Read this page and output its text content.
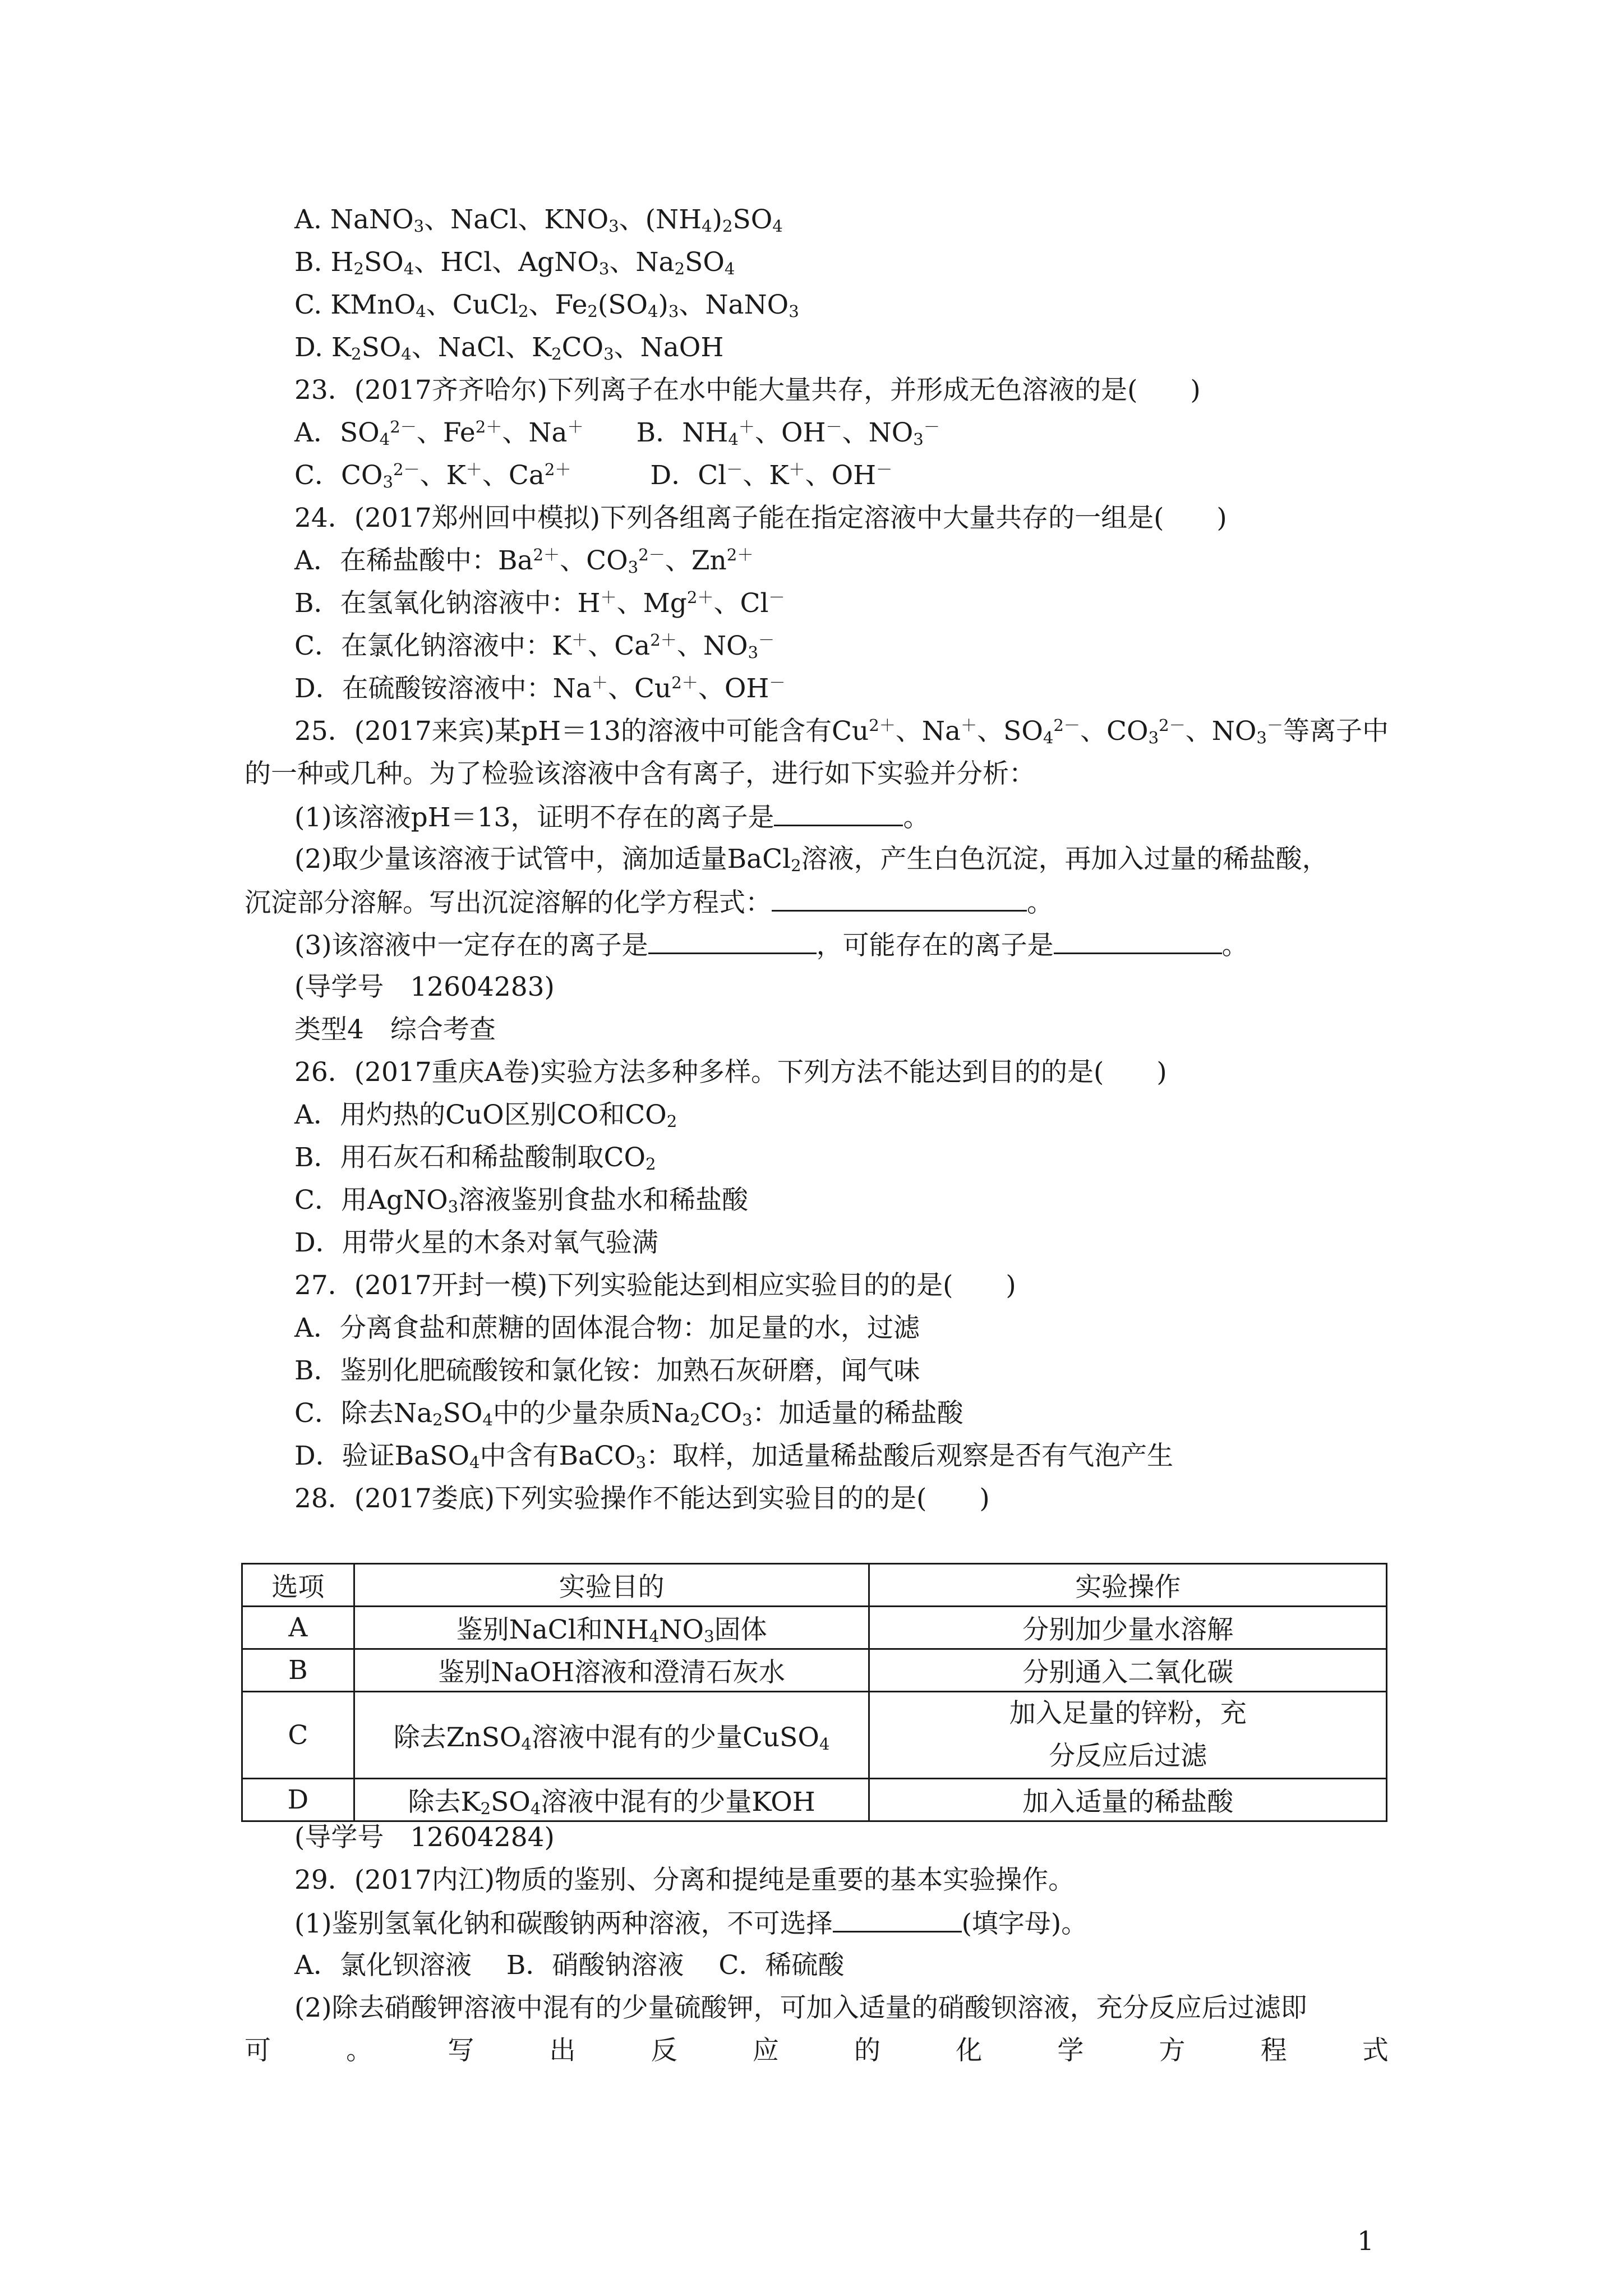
A. NaNO$_3$、NaCl、$KNO_3$、$(NH_4)_2SO_4$
B. $H_2SO_4$、HCl、AgNO$_3$、$Na_2SO_4$
C. KMnO$_4$、CuCl$_2$、$Fe_2(SO_4)_3$、NaNO$_3$
D. $K_2SO_4$、NaCl、$K_2CO_3$、NaOH
23．(2017齐齐哈尔)下列离子在水中能大量共存，并形成无色溶液的是(　　)
A．$SO_4^{2-}$、$Fe^{2+}$、Na＋　　B．$NH_4^+$、OH－、$NO_3^-$
C．$CO_3^{2-}$、K＋、$Ca^{2+}$　　　D．Cl－、K＋、OH－
24．(2017郑州回中模拟)下列各组离子能在指定溶液中大量共存的一组是(　　)
A．在稀盐酸中：$Ba^{2+}$、$CO_3^{2-}$、$Zn^{2+}$
B．在氢氧化钠溶液中：H＋、$Mg^{2+}$、Cl－
C．在氯化钠溶液中：K＋、$Ca^{2+}$、$NO_3^-$
D．在硫酸铵溶液中：Na＋、$Cu^{2+}$、OH－
25．(2017来宾)某pH＝13的溶液中可能含有$Cu^{2+}$、Na＋、$SO_4^{2-}$、$CO_3^{2-}$、$NO_3^-$等离子中
的一种或几种。为了检验该溶液中含有离子，进行如下实验并分析：
(1)该溶液pH＝13，证明不存在的离子是	。
(2)取少量该溶液于试管中，滴加适量BaCl$_2$溶液，产生白色沉淀，再加入过量的稀盐酸，
沉淀部分溶解。写出沉淀溶解的化学方程式：	。
(3)该溶液中一定存在的离子是	，可能存在的离子是	。
(导学号　12604283)
类型4　综合考查
26．(2017重庆A卷)实验方法多种多样。下列方法不能达到目的的是(　　)
A．用灼热的CuO区别CO和$CO_2$
B．用石灰石和稀盐酸制取$CO_2$
C．用AgNO$_3$溶液鉴别食盐水和稀盐酸
D．用带火星的木条对氧气验满
27．(2017开封一模)下列实验能达到相应实验目的的是(　　)
A．分离食盐和蔗糖的固体混合物：加足量的水，过滤
B．鉴别化肥硫酸铵和氯化铵：加熟石灰研磨，闻气味
C．除去$Na_2SO_4$中的少量杂质$Na_2CO_3$：加适量的稀盐酸
D．验证BaSO$_4$中含有BaCO$_3$：取样，加适量稀盐酸后观察是否有气泡产生
28．(2017娄底)下列实验操作不能达到实验目的的是(　　)
选项	实验目的	实验操作
A	鉴别NaCl和$NH_4NO_3$固体	分别加少量水溶解
B	鉴别NaOH溶液和澄清石灰水	分别通入二氧化碳
C	除去ZnSO$_4$溶液中混有的少量CuSO$_4$	加入足量的锌粉，充
分反应后过滤
D	除去$K_2SO_4$溶液中混有的少量KOH	加入适量的稀盐酸
(导学号　12604284)
29．(2017内江)物质的鉴别、分离和提纯是重要的基本实验操作。
(1)鉴别氢氧化钠和碳酸钠两种溶液，不可选择	(填字母)。
A．氯化钡溶液　 B．硝酸钠溶液　 C．稀硫酸
(2)除去硝酸钾溶液中混有的少量硫酸钾，可加入适量的硝酸钡溶液，充分反应后过滤即
可	。	写	出	反	应	的	化	学	方	程	式
1
